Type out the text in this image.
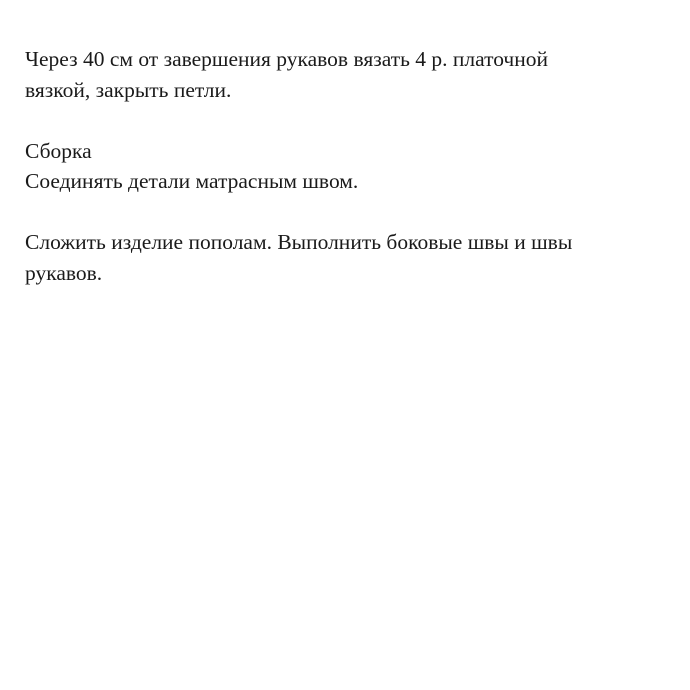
Через 40 см от завершения рукавов вязать 4 р. платочной
вязкой, закрыть петли.
Сборка
Соединять детали матрасным швом.
Сложить изделие пополам. Выполнить боковые швы и швы
рукавов.
